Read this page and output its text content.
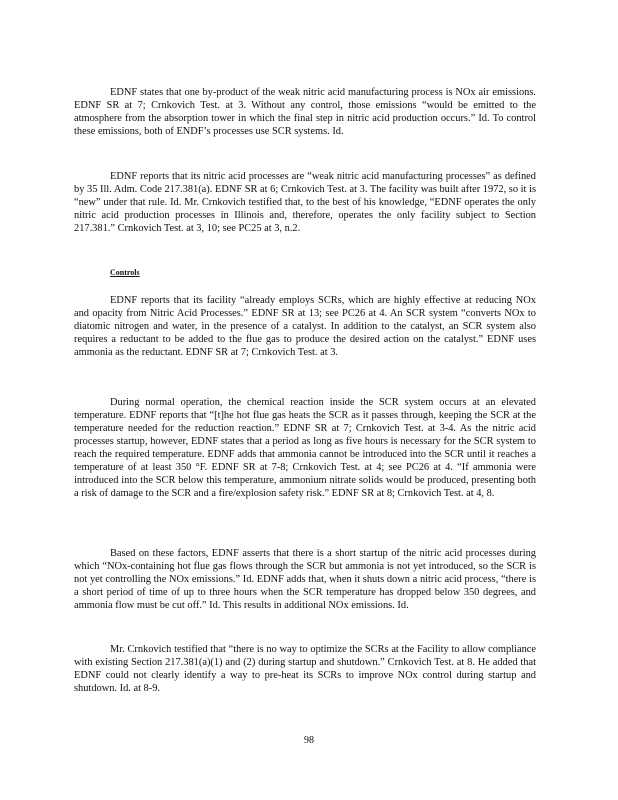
EDNF states that one by-product of the weak nitric acid manufacturing process is NOx air emissions. EDNF SR at 7; Crnkovich Test. at 3. Without any control, those emissions “would be emitted to the atmosphere from the absorption tower in which the final step in nitric acid production occurs.” Id. To control these emissions, both of ENDF’s processes use SCR systems. Id.

EDNF reports that its nitric acid processes are “weak nitric acid manufacturing processes” as defined by 35 Ill. Adm. Code 217.381(a). EDNF SR at 6; Crnkovich Test. at 3. The facility was built after 1972, so it is “new” under that rule. Id. Mr. Crnkovich testified that, to the best of his knowledge, “EDNF operates the only nitric acid production processes in Illinois and, therefore, operates the only facility subject to Section 217.381.” Crnkovich Test. at 3, 10; see PC25 at 3, n.2.

Controls

EDNF reports that its facility “already employs SCRs, which are highly effective at reducing NOx and opacity from Nitric Acid Processes.” EDNF SR at 13; see PC26 at 4. An SCR system “converts NOx to diatomic nitrogen and water, in the presence of a catalyst. In addition to the catalyst, an SCR system also requires a reductant to be added to the flue gas to produce the desired action on the catalyst.” EDNF uses ammonia as the reductant. EDNF SR at 7; Crnkovich Test. at 3.

During normal operation, the chemical reaction inside the SCR system occurs at an elevated temperature. EDNF reports that “[t]he hot flue gas heats the SCR as it passes through, keeping the SCR at the temperature needed for the reduction reaction.” EDNF SR at 7; Crnkovich Test. at 3-4. As the nitric acid processes startup, however, EDNF states that a period as long as five hours is necessary for the SCR system to reach the required temperature. EDNF adds that ammonia cannot be introduced into the SCR until it reaches a temperature of at least 350 °F. EDNF SR at 7-8; Crnkovich Test. at 4; see PC26 at 4. “If ammonia were introduced into the SCR below this temperature, ammonium nitrate solids would be produced, presenting both a risk of damage to the SCR and a fire/explosion safety risk.” EDNF SR at 8; Crnkovich Test. at 4, 8.

Based on these factors, EDNF asserts that there is a short startup of the nitric acid processes during which “NOx-containing hot flue gas flows through the SCR but ammonia is not yet introduced, so the SCR is not yet controlling the NOx emissions.” Id. EDNF adds that, when it shuts down a nitric acid process, “there is a short period of time of up to three hours when the SCR temperature has dropped below 350 degrees, and ammonia flow must be cut off.” Id. This results in additional NOx emissions. Id.

Mr. Crnkovich testified that “there is no way to optimize the SCRs at the Facility to allow compliance with existing Section 217.381(a)(1) and (2) during startup and shutdown.” Crnkovich Test. at 8. He added that EDNF could not clearly identify a way to pre-heat its SCRs to improve NOx control during startup and shutdown. Id. at 8-9.

98
